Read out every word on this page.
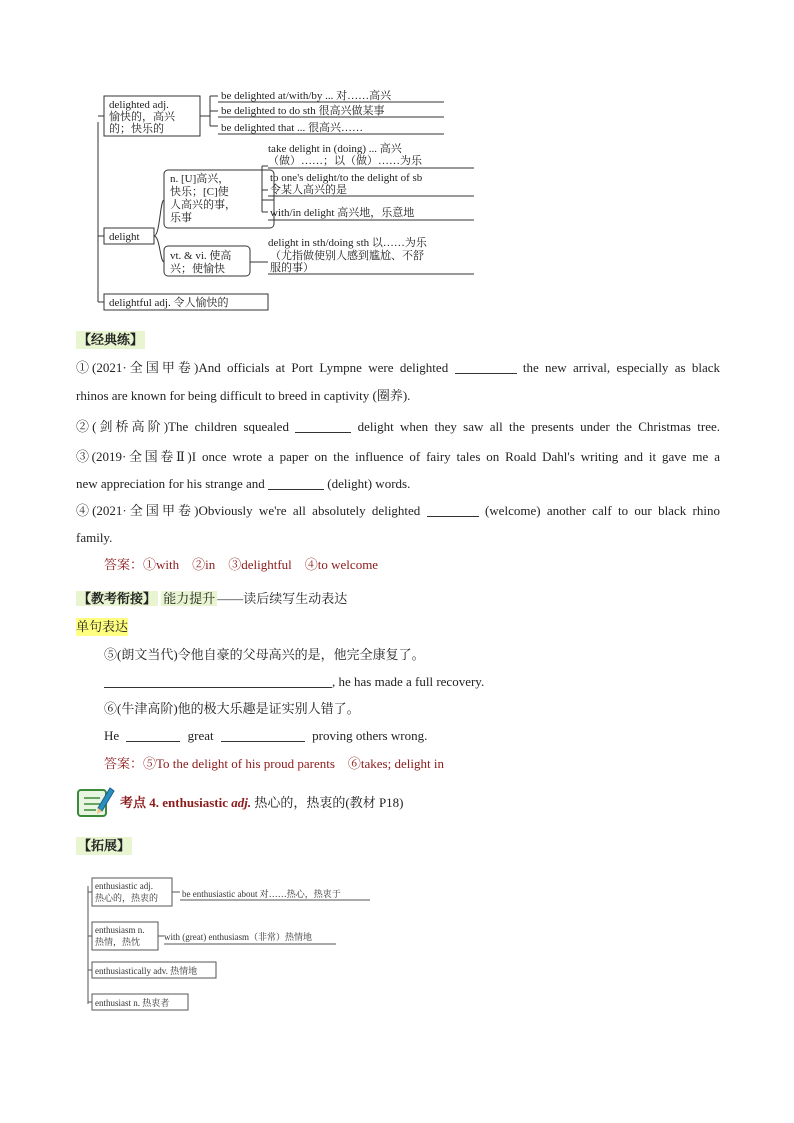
delighted adj.
愉快的，高兴
的；快乐的
be delighted at/with/by ... 对……高兴
be delighted to do sth 很高兴做某事
be delighted that ... 很高兴……
delight
n. [U]高兴，
快乐；[C]使
人高兴的事，
乐事
take delight in (doing) ... 高兴
（做）……；以（做）……为乐
to one's delight/to the delight of sb
令某人高兴的是
with/in delight 高兴地，乐意地
vt. & vi. 使高
兴；使愉快
delight in sth/doing sth 以……为乐
（尤指做使别人感到尴尬、不舒
服的事）
delightful adj. 令人愉快的
【经典练】
①(2021·全国甲卷)And officials at Port Lympne were delighted	the new arrival, especially as black
rhinos are known for being difficult to breed in captivity (圈养).
②(剑桥高阶)The children squealed	delight when they saw all the presents under the Christmas tree.
③(2019·全国卷Ⅱ)I once wrote a paper on the influence of fairy tales on Roald Dahl's writing and it gave me a
new appreciation for his strange and	(delight) words.
④(2021·全国甲卷)Obviously we're all absolutely delighted	(welcome) another calf to our black rhino
family.
答案：①with　②in　③delightful　④to welcome
【教考衔接】 能力提升 ——读后续写生动表达
单句表达
⑤(朗文当代)令他自豪的父母高兴的是，他完全康复了。
, he has made a full recovery.
⑥(牛津高阶)他的极大乐趣是证实别人错了。
He	great	proving others wrong.
答案：⑤To the delight of his proud parents　⑥takes; delight in
考点 4. enthusiastic adj. 热心的，热衷的(教材 P18)
【拓展】
enthusiastic adj.
热心的，热衷的	be enthusiastic about 对……热心，热衷于
enthusiasm n.
热情，热忱	with (great) enthusiasm（非常）热情地
enthusiastically adv. 热情地
enthusiast n. 热衷者
